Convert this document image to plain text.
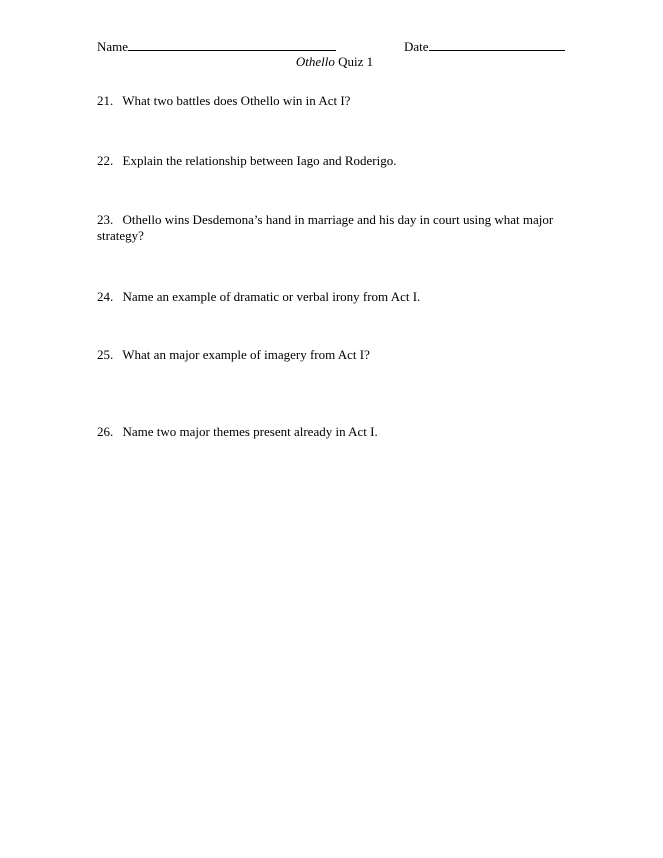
Name	Date
Othello Quiz 1
21. What two battles does Othello win in Act I?
22. Explain the relationship between Iago and Roderigo.
23. Othello wins Desdemona’s hand in marriage and his day in court using what major strategy?
24. Name an example of dramatic or verbal irony from Act I.
25. What an major example of imagery from Act I?
26. Name two major themes present already in Act I.
